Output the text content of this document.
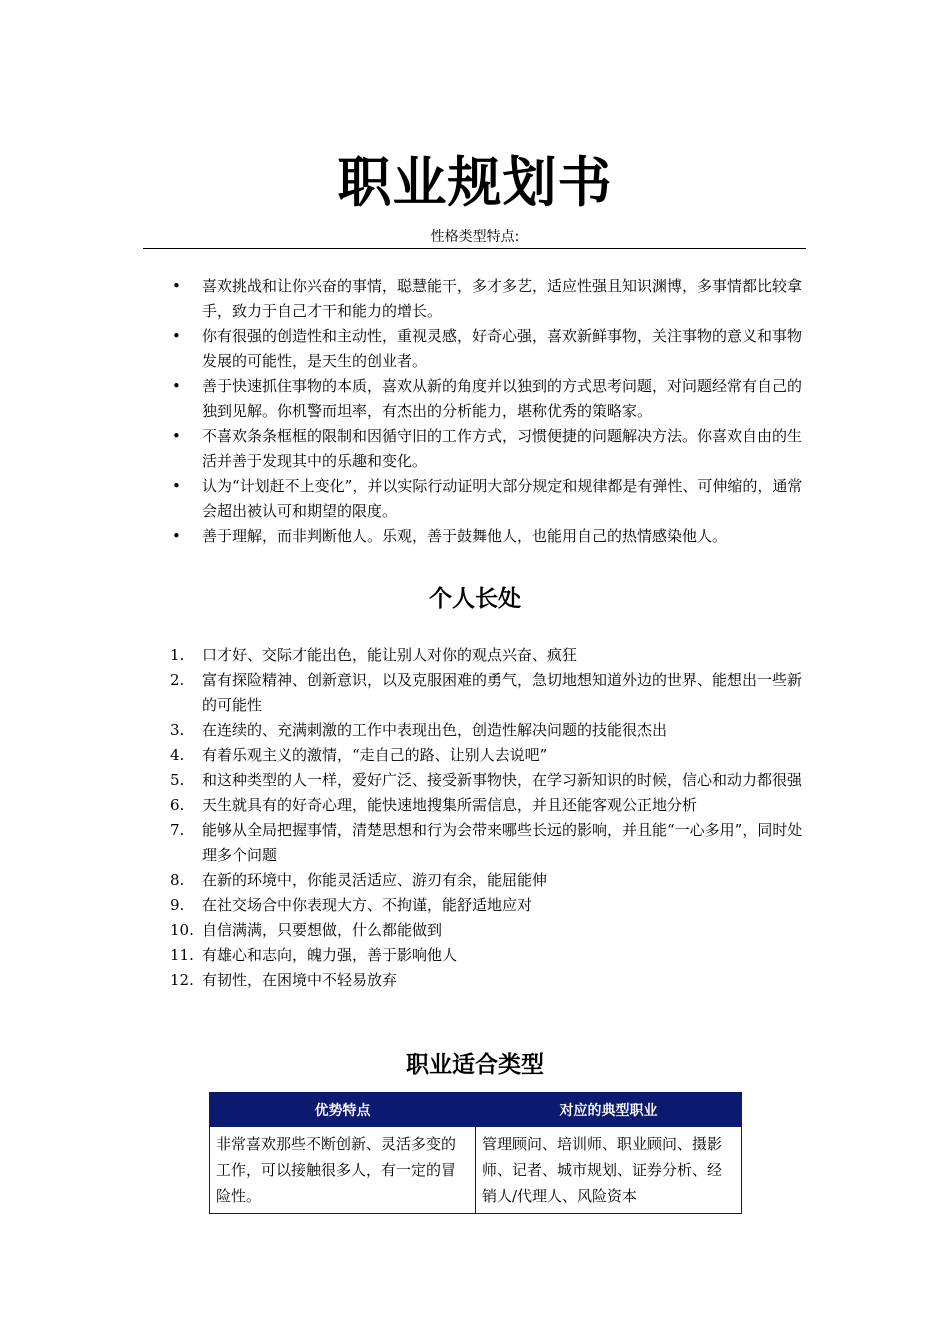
职业规划书
性格类型特点:
• 喜欢挑战和让你兴奋的事情，聪慧能干，多才多艺，适应性强且知识渊博，多事情都比较拿手，致力于自己才干和能力的增长。
• 你有很强的创造性和主动性，重视灵感，好奇心强，喜欢新鲜事物，关注事物的意义和事物发展的可能性，是天生的创业者。
• 善于快速抓住事物的本质，喜欢从新的角度并以独到的方式思考问题，对问题经常有自己的独到见解。你机警而坦率，有杰出的分析能力，堪称优秀的策略家。
• 不喜欢条条框框的限制和因循守旧的工作方式，习惯便捷的问题解决方法。你喜欢自由的生活并善于发现其中的乐趣和变化。
• 认为“计划赶不上变化”，并以实际行动证明大部分规定和规律都是有弹性、可伸缩的，通常会超出被认可和期望的限度。
• 善于理解，而非判断他人。乐观，善于鼓舞他人，也能用自己的热情感染他人。
个人长处
1. 口才好、交际才能出色，能让别人对你的观点兴奋、疯狂
2. 富有探险精神、创新意识，以及克服困难的勇气，急切地想知道外边的世界、能想出一些新的可能性
3. 在连续的、充满刺激的工作中表现出色，创造性解决问题的技能很杰出
4. 有着乐观主义的激情，“走自己的路、让别人去说吧”
5. 和这种类型的人一样，爱好广泛、接受新事物快，在学习新知识的时候，信心和动力都很强
6. 天生就具有的好奇心理，能快速地搜集所需信息，并且还能客观公正地分析
7. 能够从全局把握事情，清楚思想和行为会带来哪些长远的影响，并且能“一心多用”，同时处理多个问题
8. 在新的环境中，你能灵活适应、游刃有余，能屈能伸
9. 在社交场合中你表现大方、不拘谨，能舒适地应对
10. 自信满满，只要想做，什么都能做到
11. 有雄心和志向，魄力强，善于影响他人
12. 有韧性，在困境中不轻易放弃
职业适合类型
优势特点	对应的典型职业
非常喜欢那些不断创新、灵活多变的工作，可以接触很多人，有一定的冒险性。	管理顾问、培训师、职业顾问、摄影师、记者、城市规划、证券分析、经销人/代理人、风险资本
